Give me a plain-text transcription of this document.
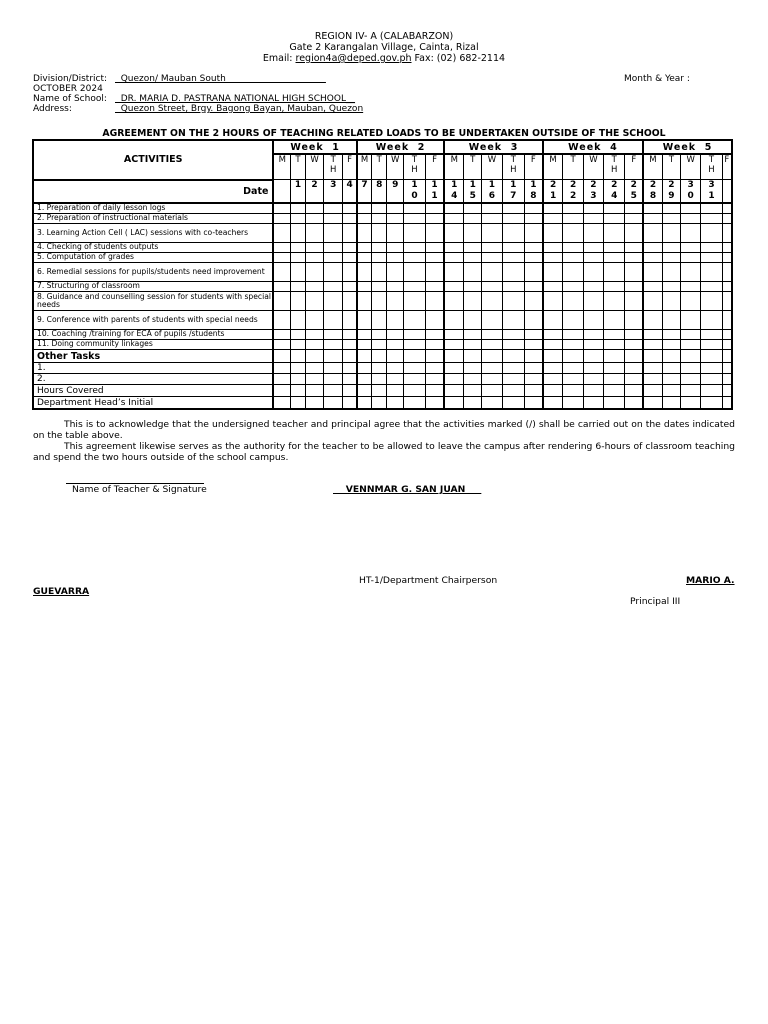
REGION IV- A (CALABARZON)
Gate 2 Karangalan Village, Cainta, Rizal
Email: region4a@deped.gov.ph Fax: (02) 682-2114
Division/District: Quezon/ Mauban South	Month & Year :
OCTOBER 2024
Name of School: DR. MARIA D. PASTRANA NATIONAL HIGH SCHOOL__
Address:	Quezon Street, Brgy. Bagong Bayan, Mauban, Quezon
AGREEMENT ON THE 2 HOURS OF TEACHING RELATED LOADS TO BE UNDERTAKEN OUTSIDE OF THE SCHOOL
ACTIVITIES	Week  1					Week  2					Week  3					Week  4					Week  5				
	M	T	W	TH	F	M	T	W	TH	F	M	T	W	TH	F	M	T	W	TH	F	M	T	W	TH	F
Date		1	2	3	4	7	8	9	10	11	14	15	16	17	18	21	22	23	24	25	28	29	30	31	
1. Preparation of daily lesson logs																									
2. Preparation of instructional materials																									
3. Learning Action Cell ( LAC) sessions with co-teachers																									
4. Checking of students outputs																									
5. Computation of grades																									
6. Remedial sessions for pupils/students need improvement																									
7. Structuring of classroom																									
8. Guidance and counselling session for students with special needs																									
9. Conference with parents of students with special needs																									
10. Coaching /training for ECA of pupils /students																									
11. Doing community linkages																									
Other Tasks																									
1.																									
2.																									
Hours Covered																									
Department Head’s Initial																									

This is to acknowledge that the undersigned teacher and principal agree that the activities marked (/) shall be carried out on the dates indicated on the table above.

This agreement likewise serves as the authority for the teacher to be allowed to leave the campus after rendering 6-hours of classroom teaching and spend the two hours outside of the school campus.

Name of Teacher & Signature	VENNMAR G. SAN JUAN
HT-1/Department Chairperson	MARIO A.
GUEVARRA
Principal III
